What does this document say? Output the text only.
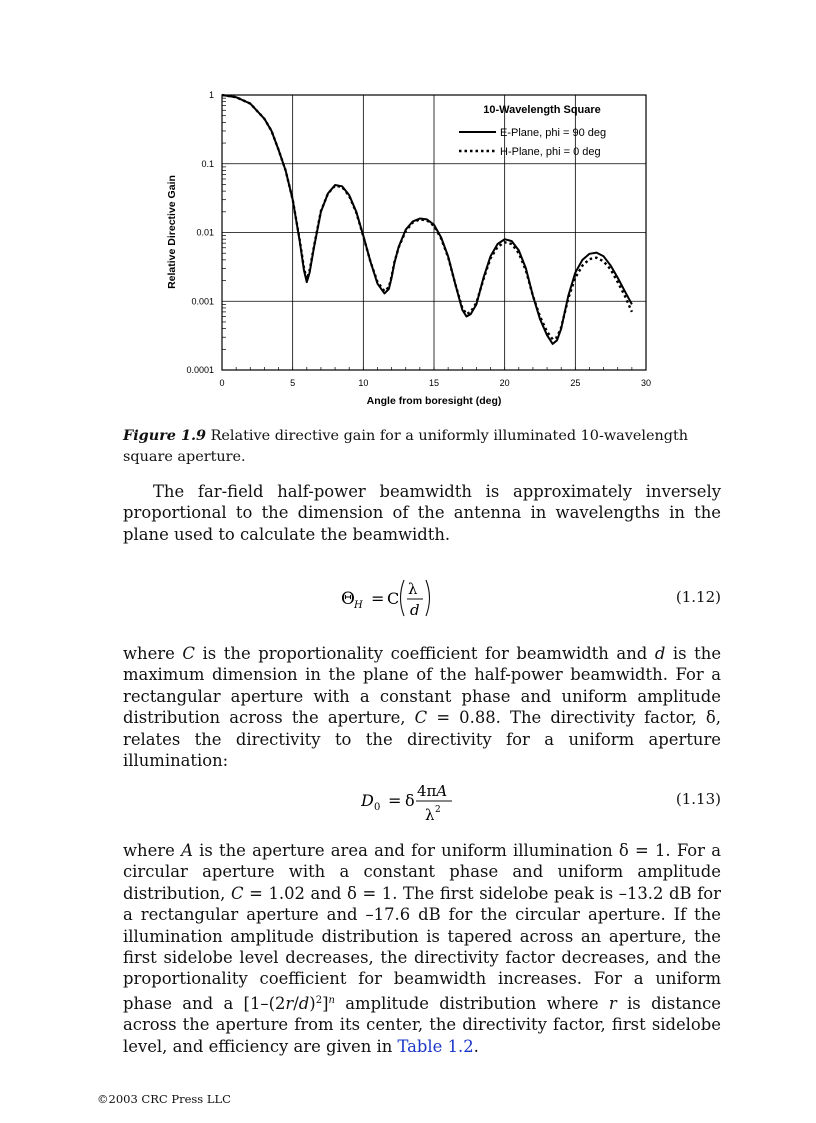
1
0.1
0.01
0.001
0.0001
0	5	10	15	20	25	30
10-Wavelength Square
E-Plane, phi = 90 deg
H-Plane, phi = 0 deg
Angle from boresight (deg)
Relative Directive Gain

Figure 1.9 Relative directive gain for a uniformly illuminated 10-wavelength square aperture.

The far-field half-power beamwidth is approximately inversely proportional to the dimension of the antenna in wavelengths in the plane used to calculate the beamwidth.

Θ H = C λ
d
(1.12)

where C is the proportionality coefficient for beamwidth and d is the maximum dimension in the plane of the half-power beamwidth. For a rectangular aperture with a constant phase and uniform amplitude distribution across the aperture, C = 0.88. The directivity factor, δ, relates the directivity to the directivity for a uniform aperture illumination:

D 0 = δ 4πA
λ 2
(1.13)

where A is the aperture area and for uniform illumination δ = 1. For a circular aperture with a constant phase and uniform amplitude distribution, C = 1.02 and δ = 1. The first sidelobe peak is –13.2 dB for a rectangular aperture and –17.6 dB for the circular aperture. If the illumination amplitude distribution is tapered across an aperture, the first sidelobe level decreases, the directivity factor decreases, and the proportionality coefficient for beamwidth increases. For a uniform phase and a $[1-(2r/d)^2]^n$ amplitude distribution where r is distance across the aperture from its center, the directivity factor, first sidelobe level, and efficiency are given in Table 1.2.

©2003 CRC Press LLC
